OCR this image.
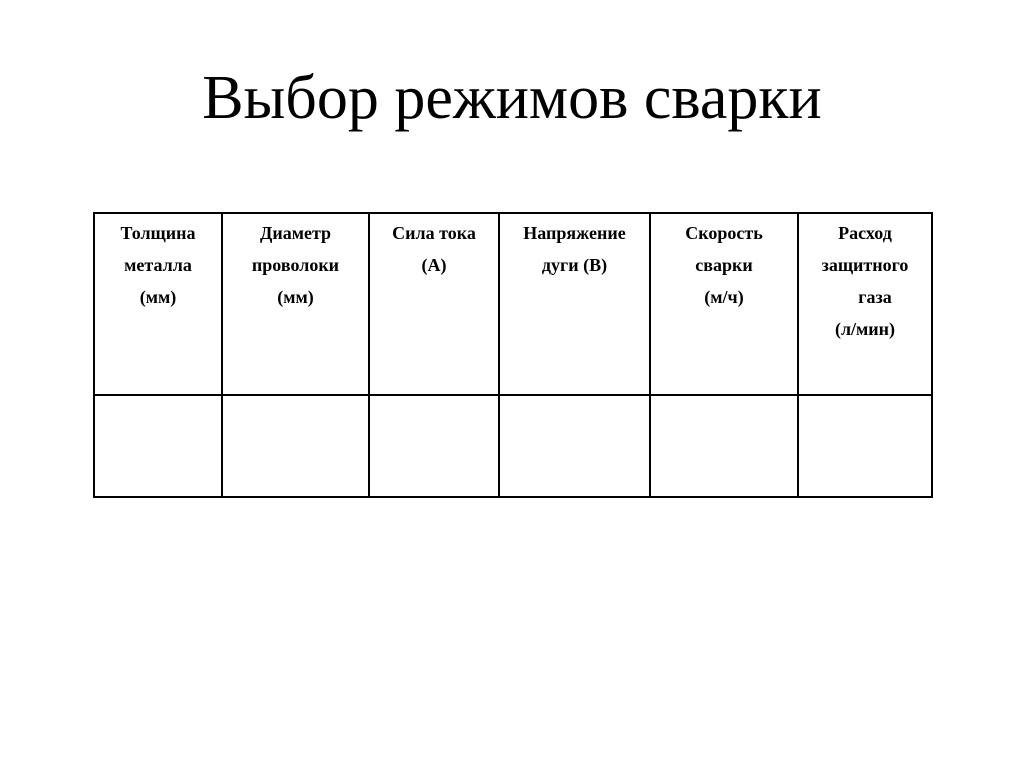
Выбор режимов сварки
Толщина
металла
(мм)	Диаметр
проволоки
(мм)	Сила тока
(А)	Напряжение
дуги (В)	Скорость
сварки
(м/ч)	Расход
защитного
газа
(л/мин)
